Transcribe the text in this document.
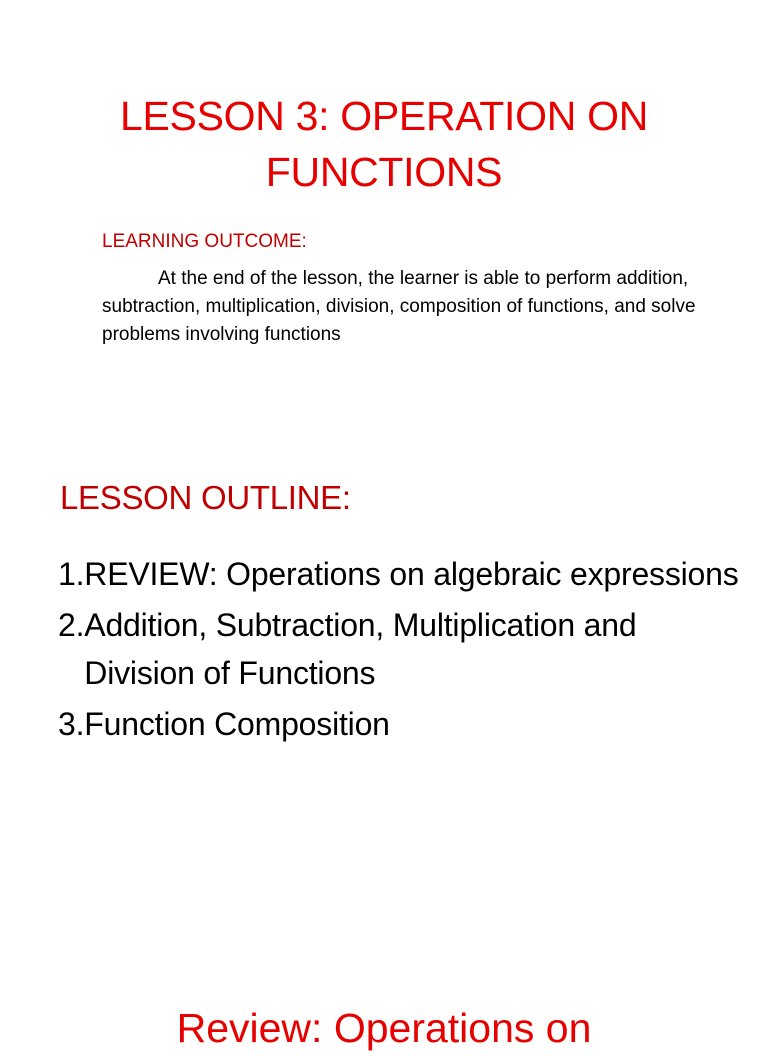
LESSON 3: OPERATION ON
FUNCTIONS
LEARNING OUTCOME:

At the end of the lesson, the learner is able to perform addition, subtraction, multiplication, division, composition of functions, and solve problems involving functions

LESSON OUTLINE:
1. REVIEW: Operations on algebraic expressions
2. Addition, Subtraction, Multiplication and Division of Functions
3. Function Composition
Review: Operations on
